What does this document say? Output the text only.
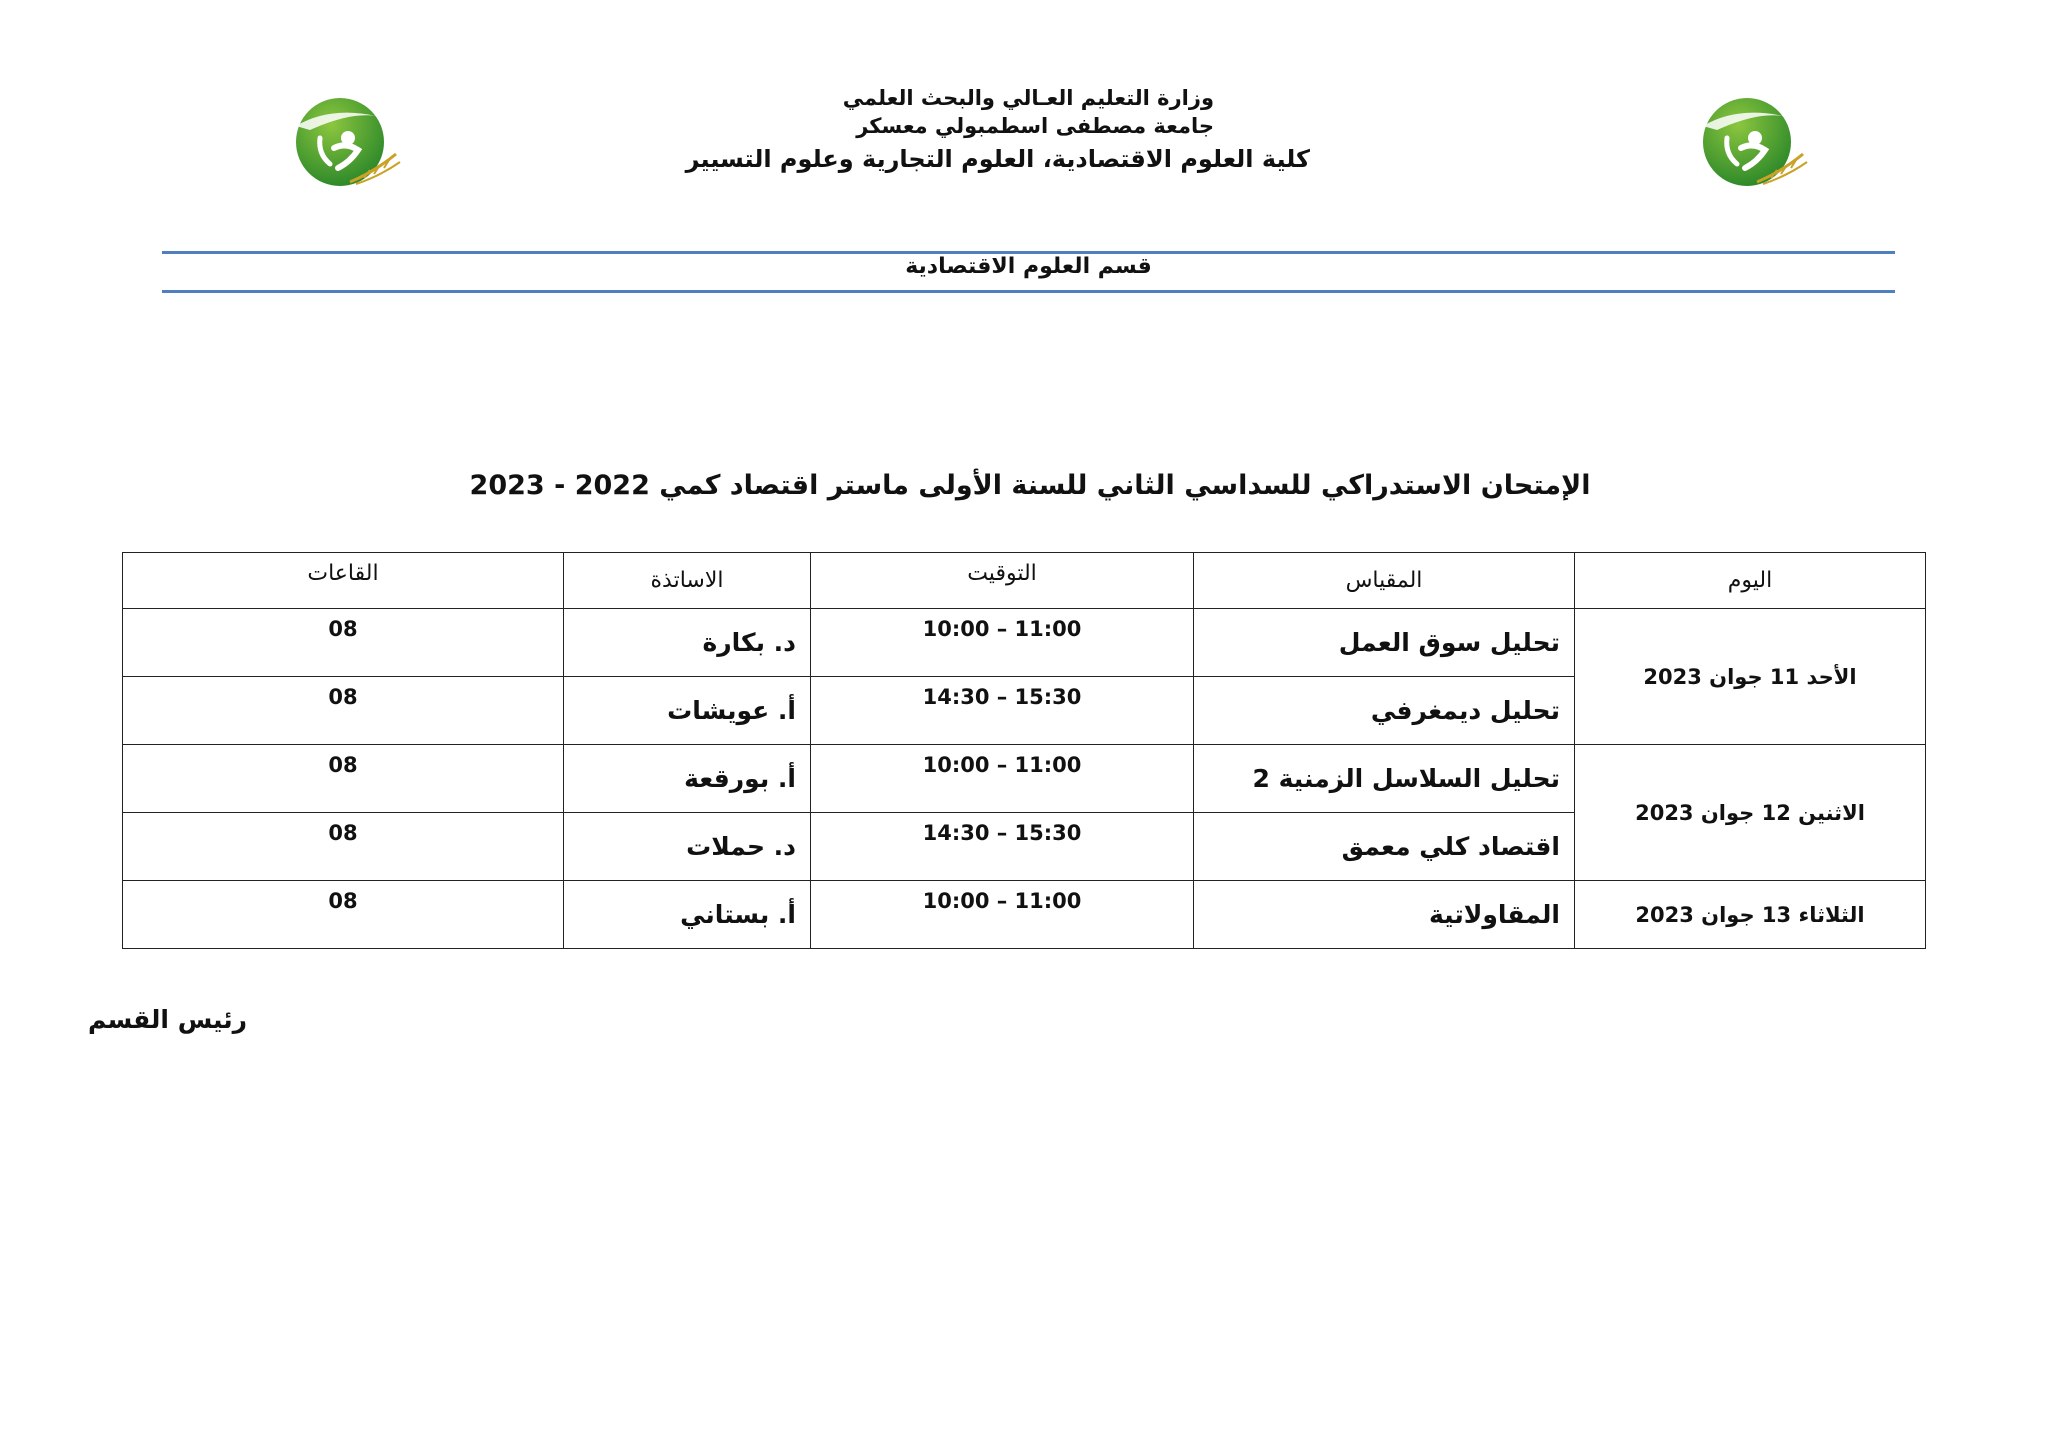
وزارة التعليم العـالي والبحث العلمي
جامعة مصطفى اسطمبولي معسكر
كلية العلوم الاقتصادية، العلوم التجارية وعلوم التسيير
قسم العلوم الاقتصادية
الإمتحان الاستدراكي للسداسي الثاني للسنة الأولى ماستر اقتصاد كمي 2022 - 2023
اليوم	المقياس	التوقيت	الاساتذة	القاعات
الأحد 11 جوان 2023	تحليل سوق العمل	10:00 – 11:00	د. بكارة	08
	تحليل ديمغرفي	14:30 – 15:30	أ. عويشات	08
الاثنين 12 جوان 2023	تحليل السلاسل الزمنية 2	10:00 – 11:00	أ. بورقعة	08
	اقتصاد كلي معمق	14:30 – 15:30	د. حملات	08
الثلاثاء 13 جوان 2023	المقاولاتية	10:00 – 11:00	أ. بستاني	08
رئيس القسم
